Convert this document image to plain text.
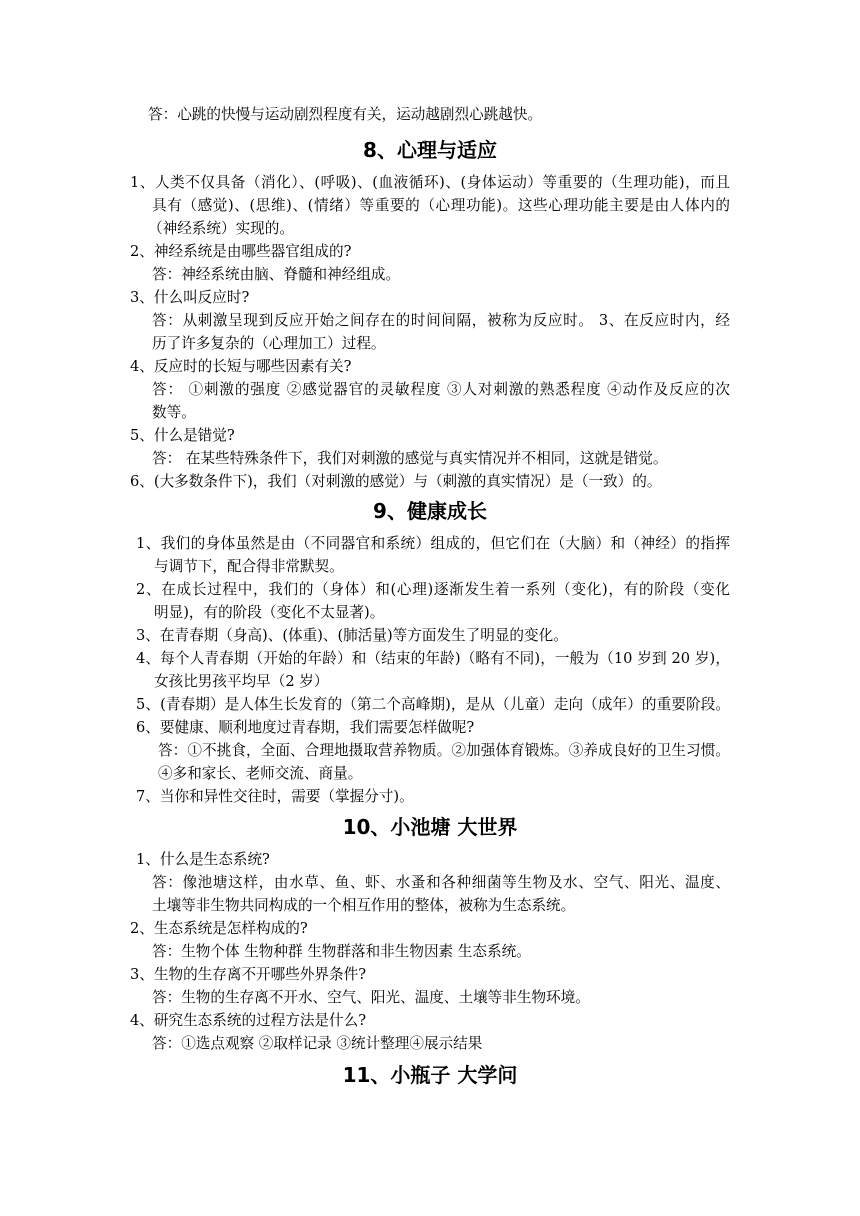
答：心跳的快慢与运动剧烈程度有关，运动越剧烈心跳越快。
8、心理与适应
1、人类不仅具备（消化）、(呼吸)、(血液循环)、(身体运动）等重要的（生理功能)，而且
具有（感觉)、(思维)、(情绪）等重要的（心理功能)。这些心理功能主要是由人体内的
（神经系统）实现的。
2、神经系统是由哪些器官组成的?
答：神经系统由脑、脊髓和神经组成。
3、什么叫反应时?
答：从刺激呈现到反应开始之间存在的时间间隔，被称为反应时。 3、在反应时内，经
历了许多复杂的（心理加工）过程。
4、反应时的长短与哪些因素有关?
答： ①刺激的强度 ②感觉器官的灵敏程度 ③人对刺激的熟悉程度 ④动作及反应的次
数等。
5、什么是错觉?
答： 在某些特殊条件下，我们对刺激的感觉与真实情况并不相同，这就是错觉。
6、(大多数条件下)，我们（对刺激的感觉）与（刺激的真实情况）是（一致）的。
9、健康成长
1、我们的身体虽然是由（不同器官和系统）组成的，但它们在（大脑）和（神经）的指挥
与调节下，配合得非常默契。
2、在成长过程中，我们的（身体）和(心理)逐渐发生着一系列（变化)，有的阶段（变化
明显)，有的阶段（变化不太显著)。
3、在青春期（身高)、(体重)、(肺活量)等方面发生了明显的变化。
4、每个人青春期（开始的年龄）和（结束的年龄)（略有不同)，一般为（10 岁到 20 岁)，
女孩比男孩平均早（2 岁）
5、(青春期）是人体生长发育的（第二个高峰期)，是从（儿童）走向（成年）的重要阶段。
6、要健康、顺利地度过青春期，我们需要怎样做呢?
答：①不挑食，全面、合理地摄取营养物质。②加强体育锻炼。③养成良好的卫生习惯。
④多和家长、老师交流、商量。
7、当你和异性交往时，需要（掌握分寸)。
10、小池塘 大世界
1、什么是生态系统?
答：像池塘这样，由水草、鱼、虾、水蚤和各种细菌等生物及水、空气、阳光、温度、
土壤等非生物共同构成的一个相互作用的整体，被称为生态系统。
2、生态系统是怎样构成的?
答：生物个体 生物种群 生物群落和非生物因素 生态系统。
3、生物的生存离不开哪些外界条件?
答：生物的生存离不开水、空气、阳光、温度、土壤等非生物环境。
4、研究生态系统的过程方法是什么?
答：①选点观察 ②取样记录 ③统计整理④展示结果
11、小瓶子 大学问
